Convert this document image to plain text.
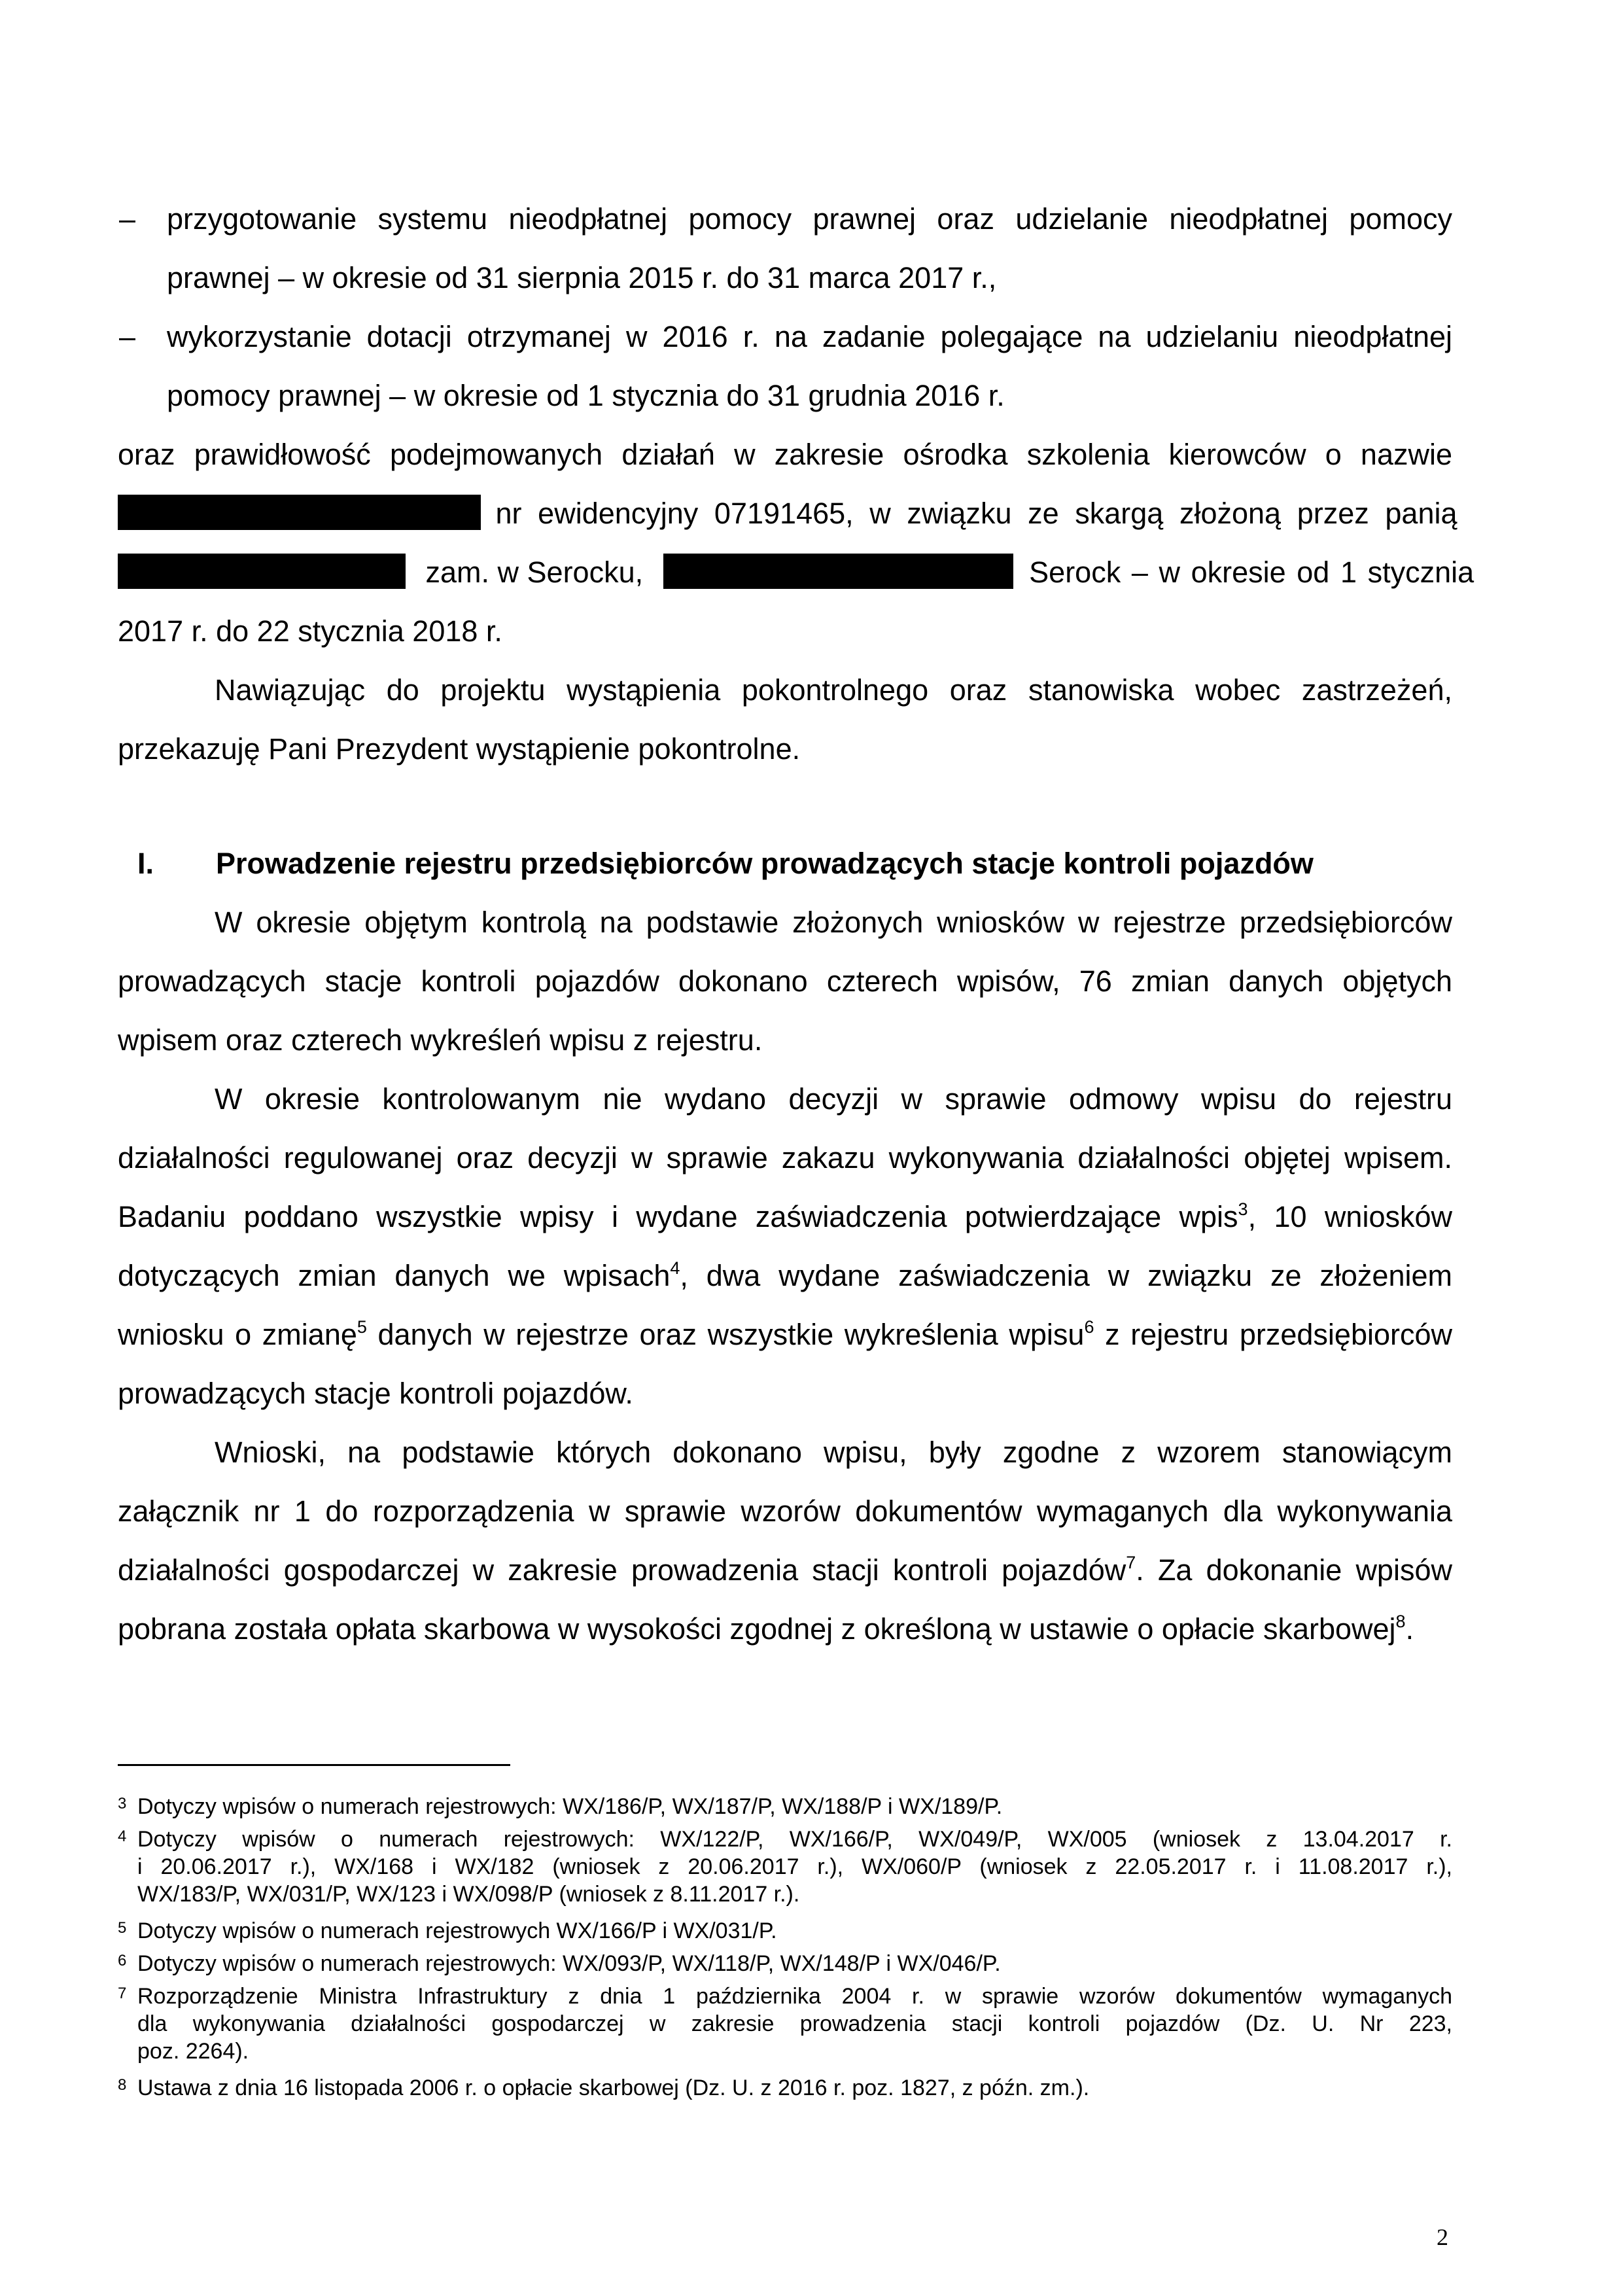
– przygotowanie systemu nieodpłatnej pomocy prawnej oraz udzielanie nieodpłatnej pomocy
prawnej – w okresie od 31 sierpnia 2015 r. do 31 marca 2017 r.,
– wykorzystanie dotacji otrzymanej w 2016 r. na zadanie polegające na udzielaniu nieodpłatnej
pomocy prawnej – w okresie od 1 stycznia do 31 grudnia 2016 r.
oraz prawidłowość podejmowanych działań w zakresie ośrodka szkolenia kierowców o nazwie
nr ewidencyjny 07191465, w związku ze skargą złożoną przez panią
zam. w Serocku,	Serock – w okresie od 1 stycznia
2017 r. do 22 stycznia 2018 r.
Nawiązując do projektu wystąpienia pokontrolnego oraz stanowiska wobec zastrzeżeń,
przekazuję Pani Prezydent wystąpienie pokontrolne.
I. Prowadzenie rejestru przedsiębiorców prowadzących stacje kontroli pojazdów
W okresie objętym kontrolą na podstawie złożonych wniosków w rejestrze przedsiębiorców
prowadzących stacje kontroli pojazdów dokonano czterech wpisów, 76 zmian danych objętych
wpisem oraz czterech wykreśleń wpisu z rejestru.
W okresie kontrolowanym nie wydano decyzji w sprawie odmowy wpisu do rejestru
działalności regulowanej oraz decyzji w sprawie zakazu wykonywania działalności objętej wpisem.
Badaniu poddano wszystkie wpisy i wydane zaświadczenia potwierdzające wpis$^3$, 10 wniosków
dotyczących zmian danych we wpisach$^4$, dwa wydane zaświadczenia w związku ze złożeniem
wniosku o zmianę$^5$ danych w rejestrze oraz wszystkie wykreślenia wpisu$^6$ z rejestru przedsiębiorców
prowadzących stacje kontroli pojazdów.
Wnioski, na podstawie których dokonano wpisu, były zgodne z wzorem stanowiącym
załącznik nr 1 do rozporządzenia w sprawie wzorów dokumentów wymaganych dla wykonywania
działalności gospodarczej w zakresie prowadzenia stacji kontroli pojazdów$^7$. Za dokonanie wpisów
pobrana została opłata skarbowa w wysokości zgodnej z określoną w ustawie o opłacie skarbowej$^8$.
3 Dotyczy wpisów o numerach rejestrowych: WX/186/P, WX/187/P, WX/188/P i WX/189/P.
4 Dotyczy wpisów o numerach rejestrowych: WX/122/P, WX/166/P, WX/049/P, WX/005 (wniosek z 13.04.2017 r.
i 20.06.2017 r.), WX/168 i WX/182 (wniosek z 20.06.2017 r.), WX/060/P (wniosek z 22.05.2017 r. i 11.08.2017 r.),
WX/183/P, WX/031/P, WX/123 i WX/098/P (wniosek z 8.11.2017 r.).
5 Dotyczy wpisów o numerach rejestrowych WX/166/P i WX/031/P.
6 Dotyczy wpisów o numerach rejestrowych: WX/093/P, WX/118/P, WX/148/P i WX/046/P.
7 Rozporządzenie Ministra Infrastruktury z dnia 1 października 2004 r. w sprawie wzorów dokumentów wymaganych
dla wykonywania działalności gospodarczej w zakresie prowadzenia stacji kontroli pojazdów (Dz. U. Nr 223,
poz. 2264).
8 Ustawa z dnia 16 listopada 2006 r. o opłacie skarbowej (Dz. U. z 2016 r. poz. 1827, z późn. zm.).
2
